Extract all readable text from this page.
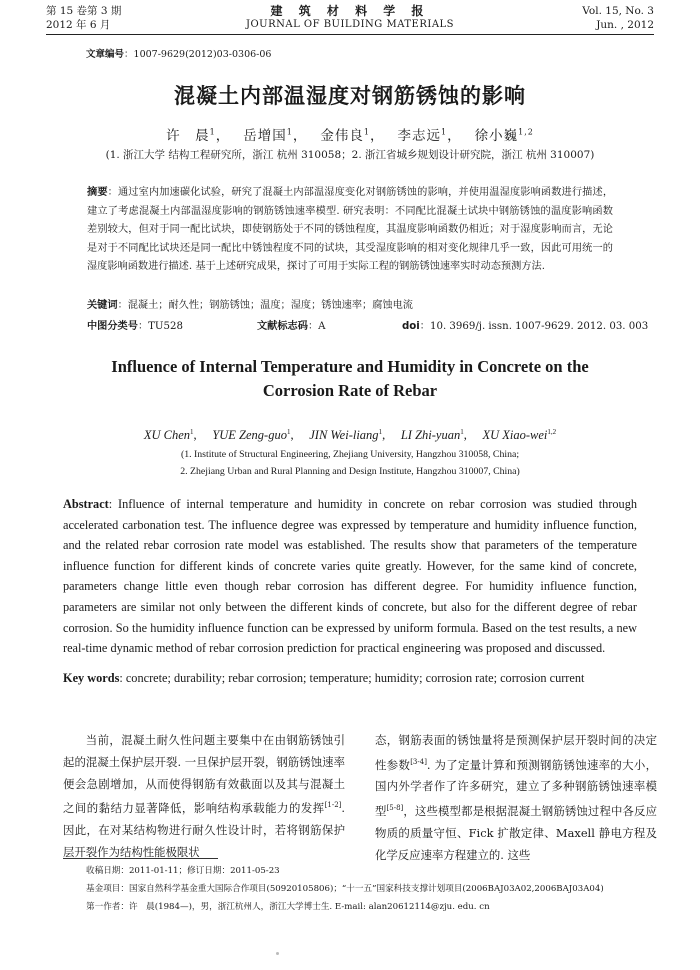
第 15 卷第 3 期
2012 年 6 月
建 筑 材 料 学 报
JOURNAL OF BUILDING MATERIALS
Vol. 15, No. 3
Jun. , 2012
文章编号：1007-9629(2012)03-0306-06
混凝土内部温湿度对钢筋锈蚀的影响
许　晨$^1$，　 岳增国$^1$，　 金伟良$^1$，　 李志远$^1$，　 徐小巍$^{1,2}$
(1. 浙江大学 结构工程研究所，浙江 杭州 310058；2. 浙江省城乡规划设计研究院，浙江 杭州 310007)
摘要：通过室内加速碳化试验，研究了混凝土内部温湿度变化对钢筋锈蚀的影响，并使用温湿度影响函数进行描述，建立了考虑混凝土内部温湿度影响的钢筋锈蚀速率模型. 研究表明：不同配比混凝土试块中钢筋锈蚀的温度影响函数差别较大，但对于同一配比试块，即使钢筋处于不同的锈蚀程度，其温度影响函数仍相近；对于湿度影响而言，无论是对于不同配比试块还是同一配比中锈蚀程度不同的试块，其受湿度影响的相对变化规律几乎一致，因此可用统一的湿度影响函数进行描述. 基于上述研究成果，探讨了可用于实际工程的钢筋锈蚀速率实时动态预测方法.
关键词：混凝土；耐久性；钢筋锈蚀；温度；湿度；锈蚀速率；腐蚀电流
中图分类号：TU528	文献标志码：A	doi：10. 3969/j. issn. 1007-9629. 2012. 03. 003
Influence of Internal Temperature and Humidity in Concrete on the Corrosion Rate of Rebar
XU Chen$^1$,　 YUE Zeng-guo$^1$,　 JIN Wei-liang$^1$,　 LI Zhi-yuan$^1$,　 XU Xiao-wei$^{1,2}$
(1. Institute of Structural Engineering, Zhejiang University, Hangzhou 310058, China;
2. Zhejiang Urban and Rural Planning and Design Institute, Hangzhou 310007, China)
Abstract: Influence of internal temperature and humidity in concrete on rebar corrosion was studied through accelerated carbonation test. The influence degree was expressed by temperature and humidity influence function, and the related rebar corrosion rate model was established. The results show that parameters of the temperature influence function for different kinds of concrete varies quite greatly. However, for the same kind of concrete, parameters change little even though rebar corrosion has different degree. For humidity influence function, parameters are similar not only between the different kinds of concrete, but also for the different degree of rebar corrosion. So the humidity influence function can be expressed by uniform formula. Based on the test results, a new real-time dynamic method of rebar corrosion prediction for practical engineering was proposed and discussed.
Key words: concrete; durability; rebar corrosion; temperature; humidity; corrosion rate; corrosion current
当前，混凝土耐久性问题主要集中在由钢筋锈蚀引起的混凝土保护层开裂. 一旦保护层开裂，钢筋锈蚀速率便会急剧增加，从而使得钢筋有效截面以及其与混凝土之间的黏结力显著降低，影响结构承载能力的发挥[1-2]. 因此，在对某结构物进行耐久性设计时，若将钢筋保护层开裂作为结构性能极限状
态，钢筋表面的锈蚀量将是预测保护层开裂时间的决定性参数[3-4]. 为了定量计算和预测钢筋锈蚀速率的大小，国内外学者作了许多研究，建立了多种钢筋锈蚀速率模型[5-8]，这些模型都是根据混凝土钢筋锈蚀过程中各反应物质的质量守恒、Fick 扩散定律、Maxell 静电方程及化学反应速率方程建立的. 这些
收稿日期：2011-01-11；修订日期：2011-05-23
基金项目：国家自然科学基金重大国际合作项目(50920105806)；“十一五”国家科技支撑计划项目(2006BAJ03A02,2006BAJ03A04)
第一作者：许　晨(1984—)，男，浙江杭州人，浙江大学博士生. E-mail: alan20612114@zju. edu. cn
